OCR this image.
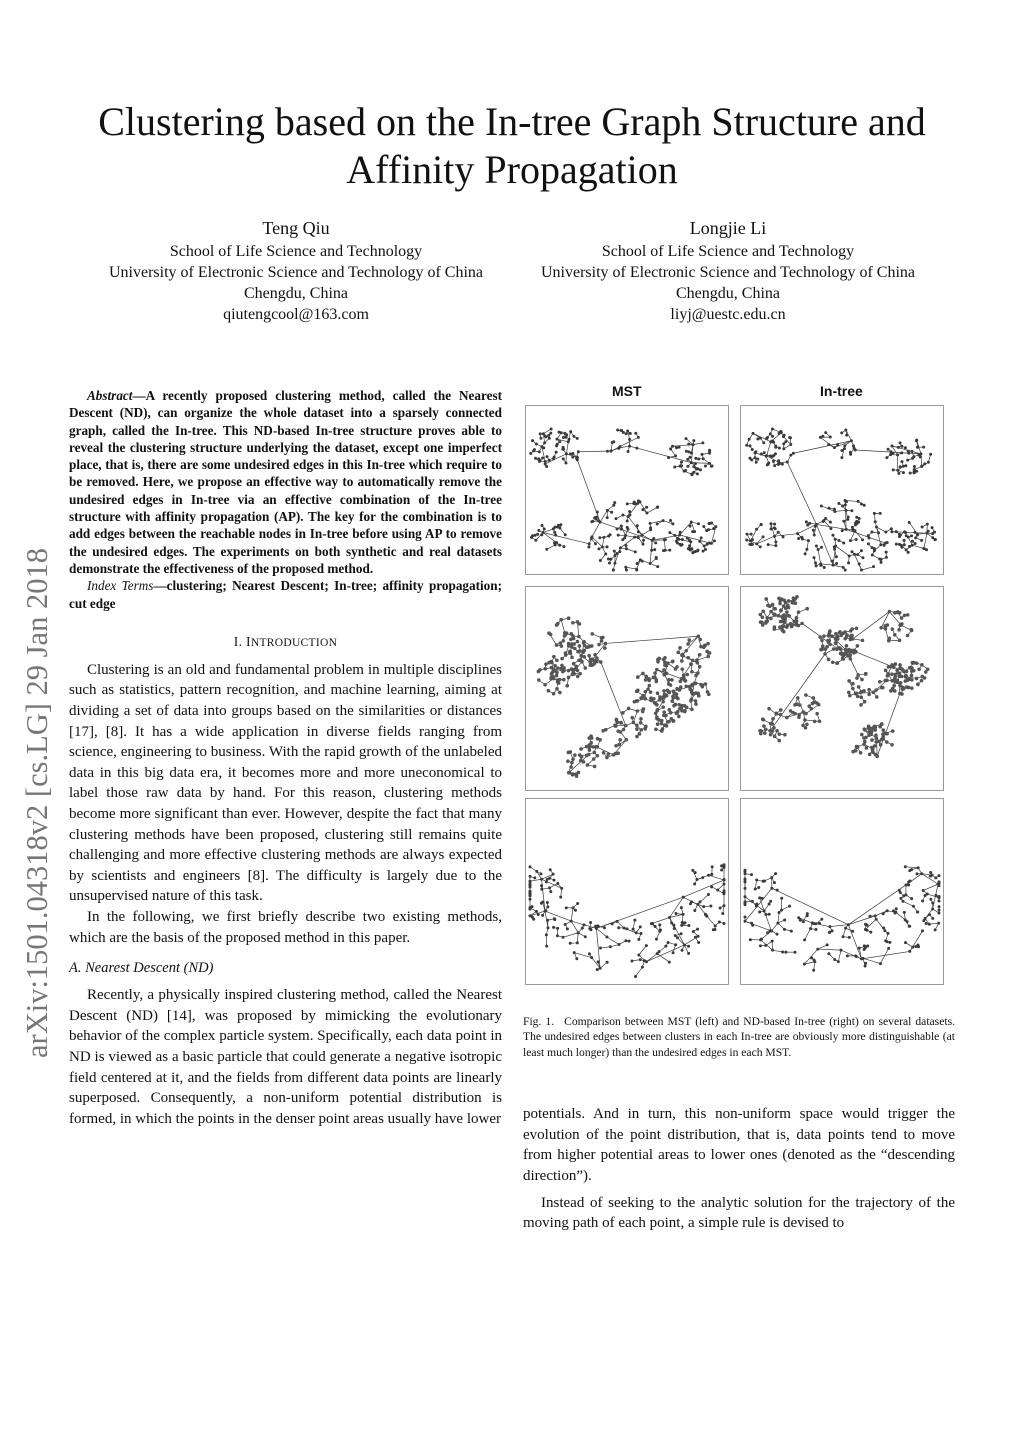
Clustering based on the In-tree Graph Structure and Affinity Propagation
Teng Qiu
School of Life Science and Technology
University of Electronic Science and Technology of China
Chengdu, China
qiutengcool@163.com
Longjie Li
School of Life Science and Technology
University of Electronic Science and Technology of China
Chengdu, China
liyj@uestc.edu.cn
arXiv:1501.04318v2 [cs.LG] 29 Jan 2018

Abstract—A recently proposed clustering method, called the Nearest Descent (ND), can organize the whole dataset into a sparsely connected graph, called the In-tree. This ND-based In-tree structure proves able to reveal the clustering structure underlying the dataset, except one imperfect place, that is, there are some undesired edges in this In-tree which require to be removed. Here, we propose an effective way to automatically remove the undesired edges in In-tree via an effective combination of the In-tree structure with affinity propagation (AP). The key for the combination is to add edges between the reachable nodes in In-tree before using AP to remove the undesired edges. The experiments on both synthetic and real datasets demonstrate the effectiveness of the proposed method.

Index Terms—clustering; Nearest Descent; In-tree; affinity propagation; cut edge

I. INTRODUCTION

Clustering is an old and fundamental problem in multiple disciplines such as statistics, pattern recognition, and machine learning, aiming at dividing a set of data into groups based on the similarities or distances [17], [8]. It has a wide application in diverse fields ranging from science, engineering to business. With the rapid growth of the unlabeled data in this big data era, it becomes more and more uneconomical to label those raw data by hand. For this reason, clustering methods become more significant than ever. However, despite the fact that many clustering methods have been proposed, clustering still remains quite challenging and more effective clustering methods are always expected by scientists and engineers [8]. The difficulty is largely due to the unsupervised nature of this task.

In the following, we first briefly describe two existing methods, which are the basis of the proposed method in this paper.

A. Nearest Descent (ND)

Recently, a physically inspired clustering method, called the Nearest Descent (ND) [14], was proposed by mimicking the evolutionary behavior of the complex particle system. Specifically, each data point in ND is viewed as a basic particle that could generate a negative isotropic field centered at it, and the fields from different data points are linearly superposed. Consequently, a non-uniform potential distribution is formed, in which the points in the denser point areas usually have lower

MST	In-tree

Fig. 1. Comparison between MST (left) and ND-based In-tree (right) on several datasets. The undesired edges between clusters in each In-tree are obviously more distinguishable (at least much longer) than the undesired edges in each MST.

potentials. And in turn, this non-uniform space would trigger the evolution of the point distribution, that is, data points tend to move from higher potential areas to lower ones (denoted as the “descending direction”).

Instead of seeking to the analytic solution for the trajectory of the moving path of each point, a simple rule is devised to
